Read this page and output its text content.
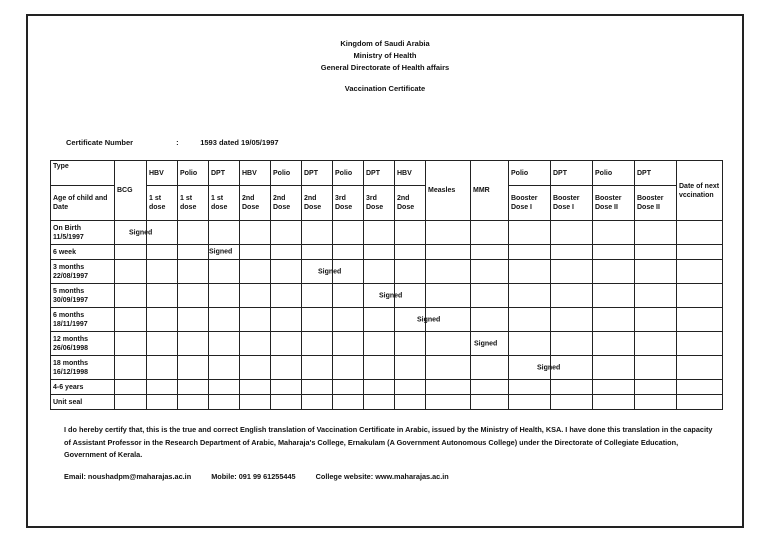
Kingdom of Saudi Arabia
Ministry of Health
General Directorate of Health affairs
Vaccination Certificate
Certificate Number	:	1593 dated 19/05/1997
Type	BCG	HBV	Polio	DPT	HBV	Polio	DPT	Polio	DPT	HBV	Measles	MMR	Polio	DPT	Polio	DPT	Date of next vccination
Age of child and Date		1 st dose	1 st dose	1 st dose	2nd Dose	2nd Dose	2nd Dose	3rd Dose	3rd Dose	2nd Dose			Booster Dose I	Booster Dose I	Booster Dose II	Booster Dose II	

On Birth
11/5/1997	Signed																

6 week				Signed													

3 months
22/08/1997							Signed										

5 months
30/09/1997									Signed								

6 months
18/11/1997										Signed							

12 months
26/06/1998												Signed					

18 months
16/12/1998														Signed			

4-6 years																	
Unit seal																	
I do hereby certify that, this is the true and correct English translation of Vaccination Certificate in Arabic, issued by the Ministry of Health, KSA. I have done this translation in the capacity of Assistant Professor in the Research Department of Arabic, Maharaja's College, Ernakulam (A Government Autonomous College) under the Directorate of Collegiate Education, Government of Kerala.
Email: noushadpm@maharajas.ac.in	Mobile: 091 99 61255445	College website: www.maharajas.ac.in
